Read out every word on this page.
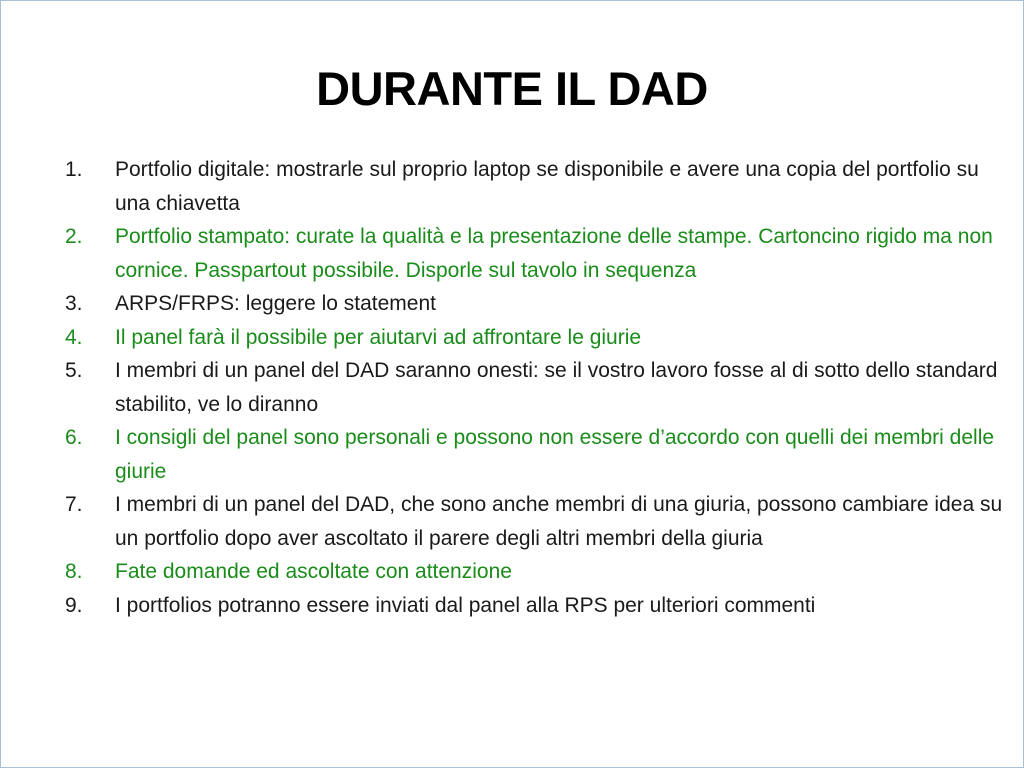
DURANTE IL DAD
1.	Portfolio digitale: mostrarle sul proprio laptop se disponibile e avere una copia del portfolio su una chiavetta
2.	Portfolio stampato: curate la qualità e la presentazione delle stampe. Cartoncino rigido ma non cornice. Passpartout possibile. Disporle sul tavolo in sequenza
3.	ARPS/FRPS: leggere lo statement
4.	Il panel farà il possibile per aiutarvi ad affrontare le giurie
5.	I membri di un panel del DAD saranno onesti: se il vostro lavoro fosse al di sotto dello standard stabilito, ve lo diranno
6.	I consigli del panel sono personali e possono non essere d’accordo con quelli dei membri delle giurie
7.	I membri di un panel del DAD, che sono anche membri di una giuria, possono cambiare idea su un portfolio dopo aver ascoltato il parere degli altri membri della giuria
8.	Fate domande ed ascoltate con attenzione
9.	I portfolios potranno essere inviati dal panel alla RPS per ulteriori commenti
